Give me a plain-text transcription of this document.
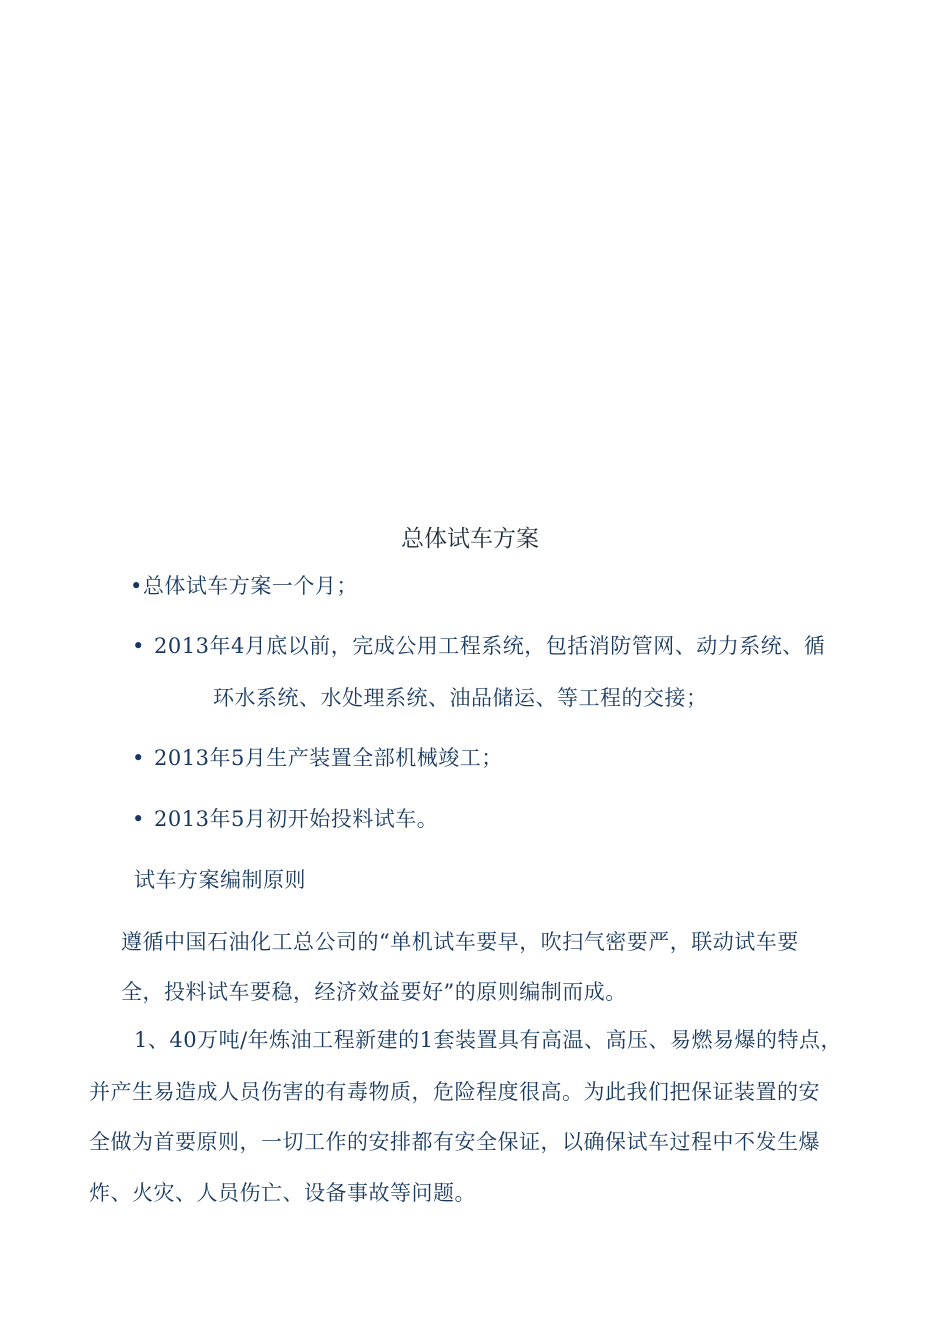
总体试车方案
•总体试车方案一个月；
• 2013年4月底以前，完成公用工程系统，包括消防管网、动力系统、循
环水系统、水处理系统、油品储运、等工程的交接；
• 2013年5月生产装置全部机械竣工；
• 2013年5月初开始投料试车。
试车方案编制原则
遵循中国石油化工总公司的“单机试车要早，吹扫气密要严，联动试车要
全，投料试车要稳，经济效益要好”的原则编制而成。
1、40万吨/年炼油工程新建的1套装置具有高温、高压、易燃易爆的特点，
并产生易造成人员伤害的有毒物质，危险程度很高。为此我们把保证装置的安
全做为首要原则，一切工作的安排都有安全保证，以确保试车过程中不发生爆
炸、火灾、人员伤亡、设备事故等问题。
